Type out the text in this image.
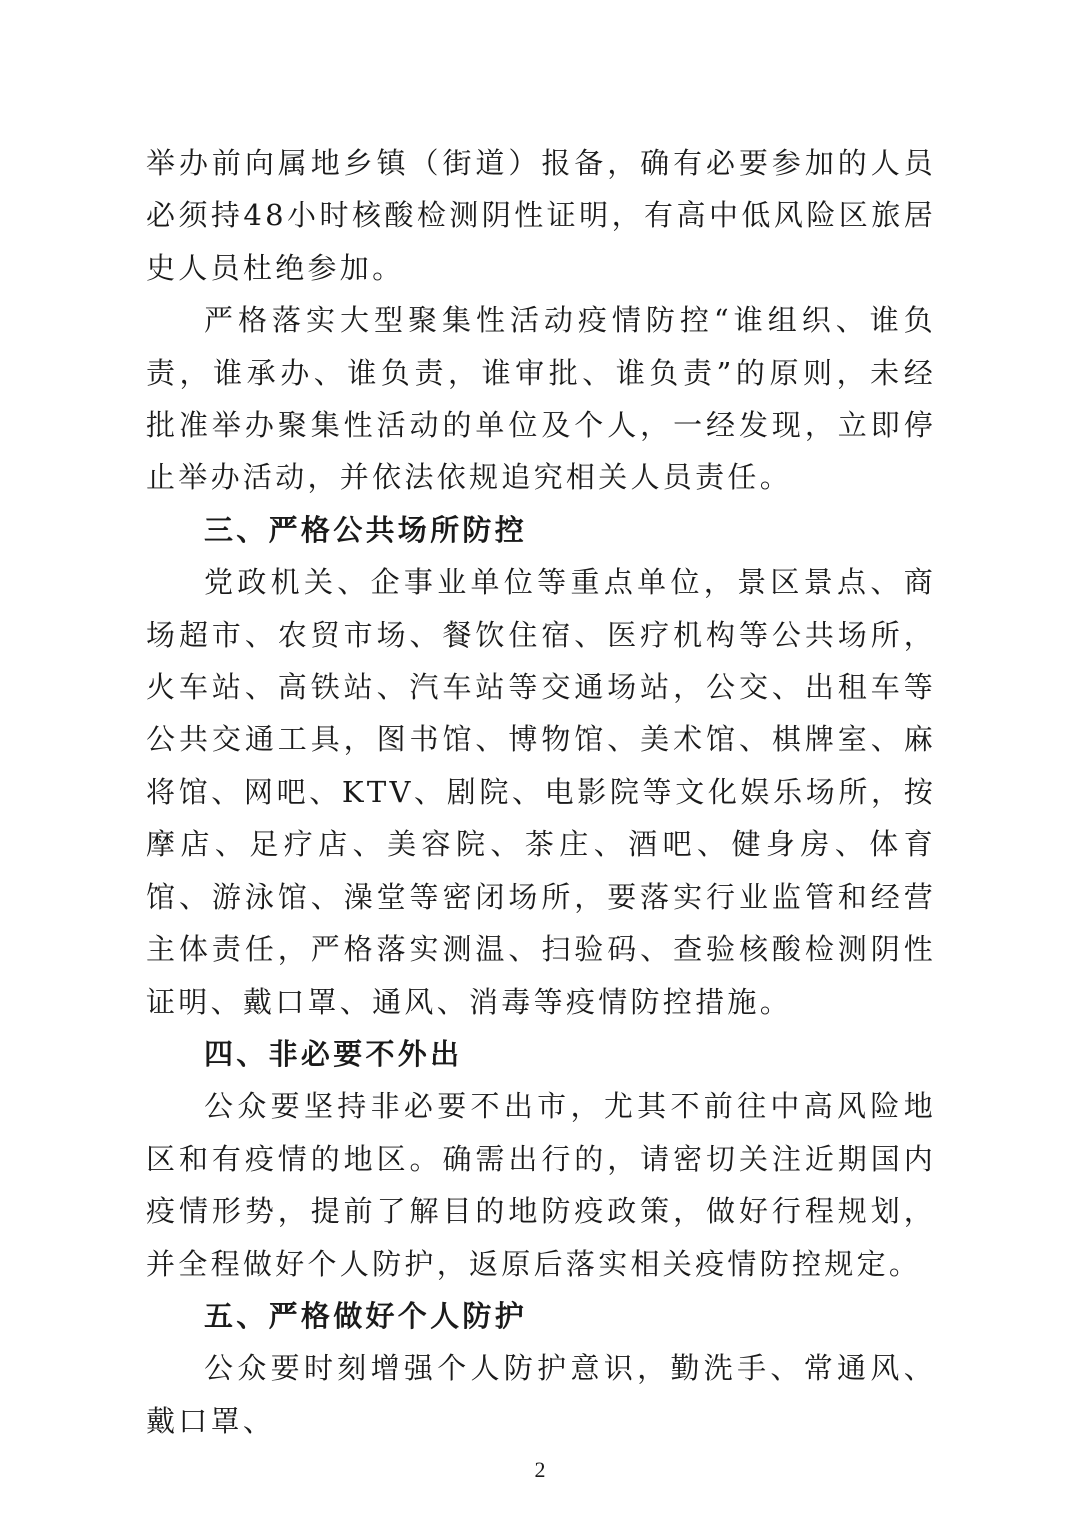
举办前向属地乡镇（街道）报备，确有必要参加的人员必须持48小时核酸检测阴性证明，有高中低风险区旅居史人员杜绝参加。

严格落实大型聚集性活动疫情防控“谁组织、谁负责，谁承办、谁负责，谁审批、谁负责”的原则，未经批准举办聚集性活动的单位及个人，一经发现，立即停止举办活动，并依法依规追究相关人员责任。

三、严格公共场所防控

党政机关、企事业单位等重点单位，景区景点、商场超市、农贸市场、餐饮住宿、医疗机构等公共场所，火车站、高铁站、汽车站等交通场站，公交、出租车等公共交通工具，图书馆、博物馆、美术馆、棋牌室、麻将馆、网吧、KTV、剧院、电影院等文化娱乐场所，按摩店、足疗店、美容院、茶庄、酒吧、健身房、体育馆、游泳馆、澡堂等密闭场所，要落实行业监管和经营主体责任，严格落实测温、扫验码、查验核酸检测阴性证明、戴口罩、通风、消毒等疫情防控措施。

四、非必要不外出

公众要坚持非必要不出市，尤其不前往中高风险地区和有疫情的地区。确需出行的，请密切关注近期国内疫情形势，提前了解目的地防疫政策，做好行程规划，并全程做好个人防护，返原后落实相关疫情防控规定。

五、严格做好个人防护

公众要时刻增强个人防护意识，勤洗手、常通风、戴口罩、

2
